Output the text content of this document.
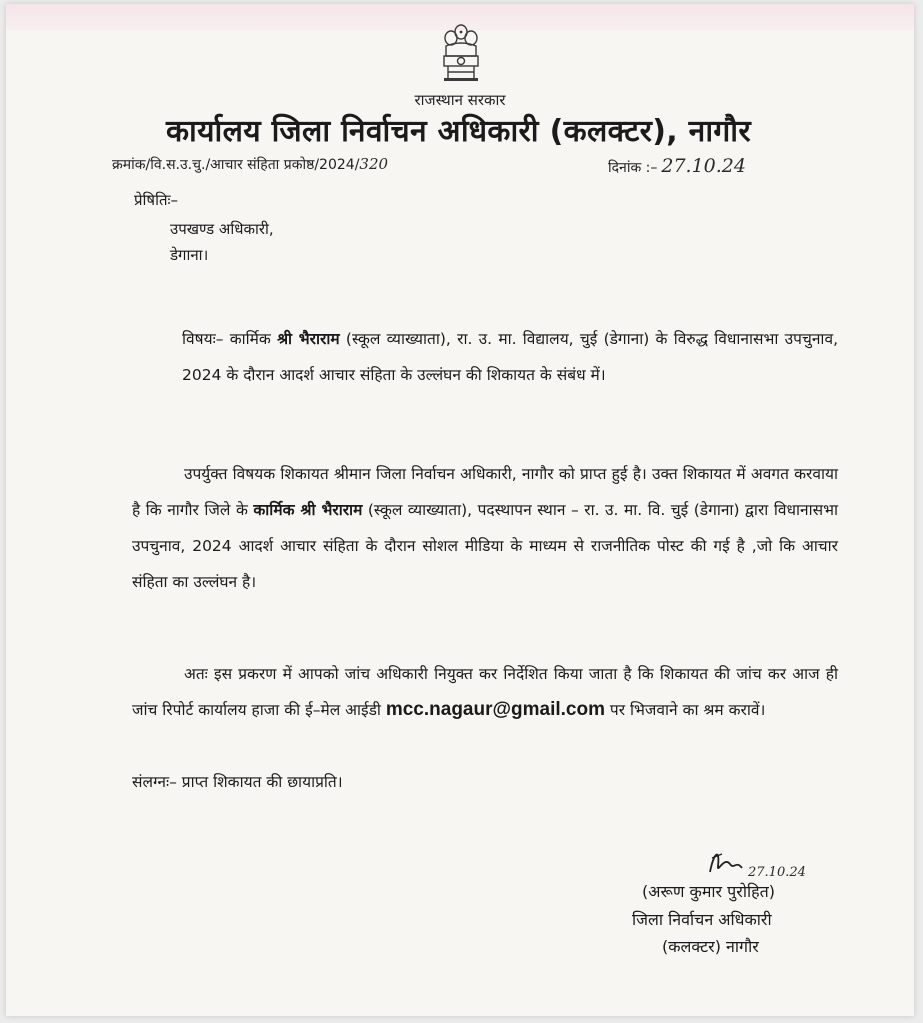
राजस्थान सरकार
कार्यालय जिला निर्वाचन अधिकारी (कलक्टर), नागौर
क्रमांक/वि.स.उ.चु./आचार संहिता प्रकोष्ठ/2024/320	दिनांक :– 27.10.24
प्रेषितिः–
उपखण्ड अधिकारी,
डेगाना।
विषयः– कार्मिक श्री भैराराम (स्कूल व्याख्याता), रा. उ. मा. विद्यालय, चुई (डेगाना) के विरुद्ध विधानासभा उपचुनाव, 2024 के दौरान आदर्श आचार संहिता के उल्लंघन की शिकायत के संबंध में।
उपर्युक्त विषयक शिकायत श्रीमान जिला निर्वाचन अधिकारी, नागौर को प्राप्त हुई है। उक्त शिकायत में अवगत करवाया है कि नागौर जिले के कार्मिक श्री भैराराम (स्कूल व्याख्याता), पदस्थापन स्थान – रा. उ. मा. वि. चुई (डेगाना) द्वारा विधानासभा उपचुनाव, 2024 आदर्श आचार संहिता के दौरान सोशल मीडिया के माध्यम से राजनीतिक पोस्ट की गई है ,जो कि आचार संहिता का उल्लंघन है।
अतः इस प्रकरण में आपको जांच अधिकारी नियुक्त कर निर्देशित किया जाता है कि शिकायत की जांच कर आज ही जांच रिपोर्ट कार्यालय हाजा की ई–मेल आईडी mcc.nagaur@gmail.com पर भिजवाने का श्रम करावें।
संलग्नः– प्राप्त शिकायत की छायाप्रति।
27.10.24
(अरूण कुमार पुरोहित)
जिला निर्वाचन अधिकारी
(कलक्टर) नागौर
